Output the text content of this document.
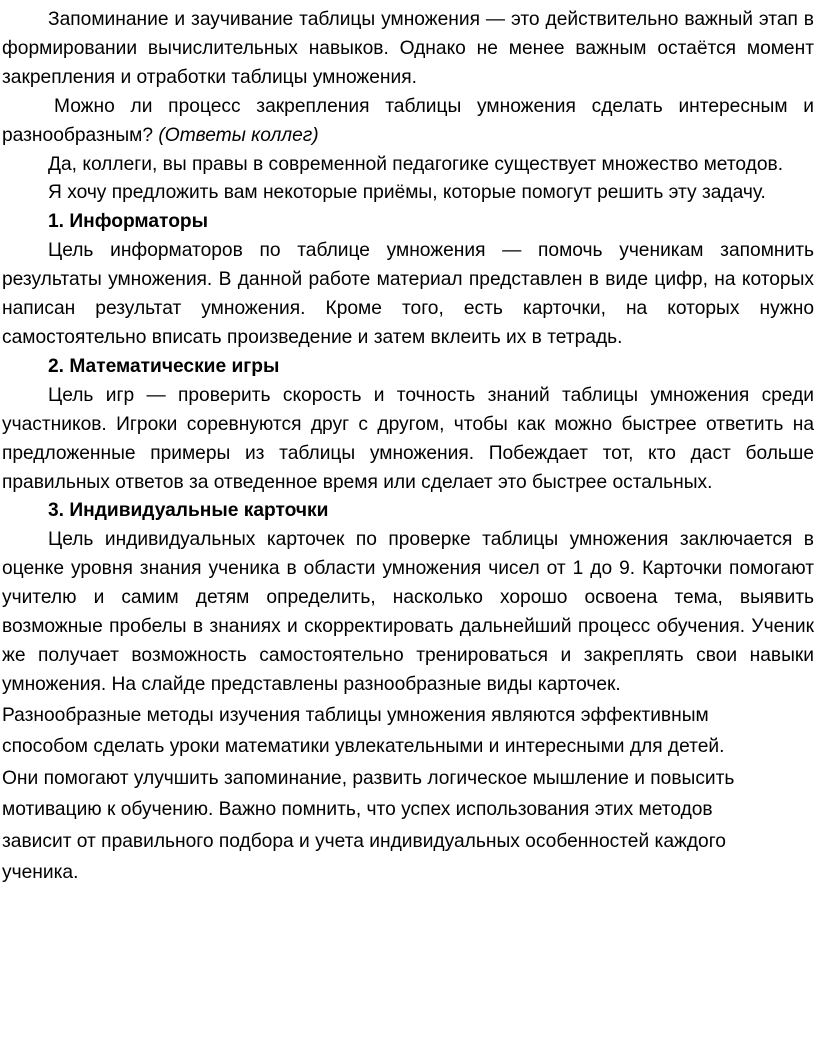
Запоминание и заучивание таблицы умножения — это действительно важный этап в формировании вычислительных навыков. Однако не менее важным остаётся момент закрепления и отработки таблицы умножения.

Можно ли процесс закрепления таблицы умножения сделать интересным и разнообразным? (Ответы коллег)

Да, коллеги, вы правы в современной педагогике существует множество методов.

Я хочу предложить вам некоторые приёмы, которые помогут решить эту задачу.

1. Информаторы

Цель информаторов по таблице умножения — помочь ученикам запомнить результаты умножения. В данной работе материал представлен в виде цифр, на которых написан результат умножения. Кроме того, есть карточки, на которых нужно самостоятельно вписать произведение и затем вклеить их в тетрадь.

2. Математические игры

Цель игр — проверить скорость и точность знаний таблицы умножения среди участников. Игроки соревнуются друг с другом, чтобы как можно быстрее ответить на предложенные примеры из таблицы умножения. Побеждает тот, кто даст больше правильных ответов за отведенное время или сделает это быстрее остальных.

3. Индивидуальные карточки

Цель индивидуальных карточек по проверке таблицы умножения заключается в оценке уровня знания ученика в области умножения чисел от 1 до 9. Карточки помогают учителю и самим детям определить, насколько хорошо освоена тема, выявить возможные пробелы в знаниях и скорректировать дальнейший процесс обучения. Ученик же получает возможность самостоятельно тренироваться и закреплять свои навыки умножения. На слайде представлены разнообразные виды карточек.

Разнообразные методы изучения таблицы умножения являются эффективным способом сделать уроки математики увлекательными и интересными для детей. Они помогают улучшить запоминание, развить логическое мышление и повысить мотивацию к обучению. Важно помнить, что успех использования этих методов зависит от правильного подбора и учета индивидуальных особенностей каждого ученика.
